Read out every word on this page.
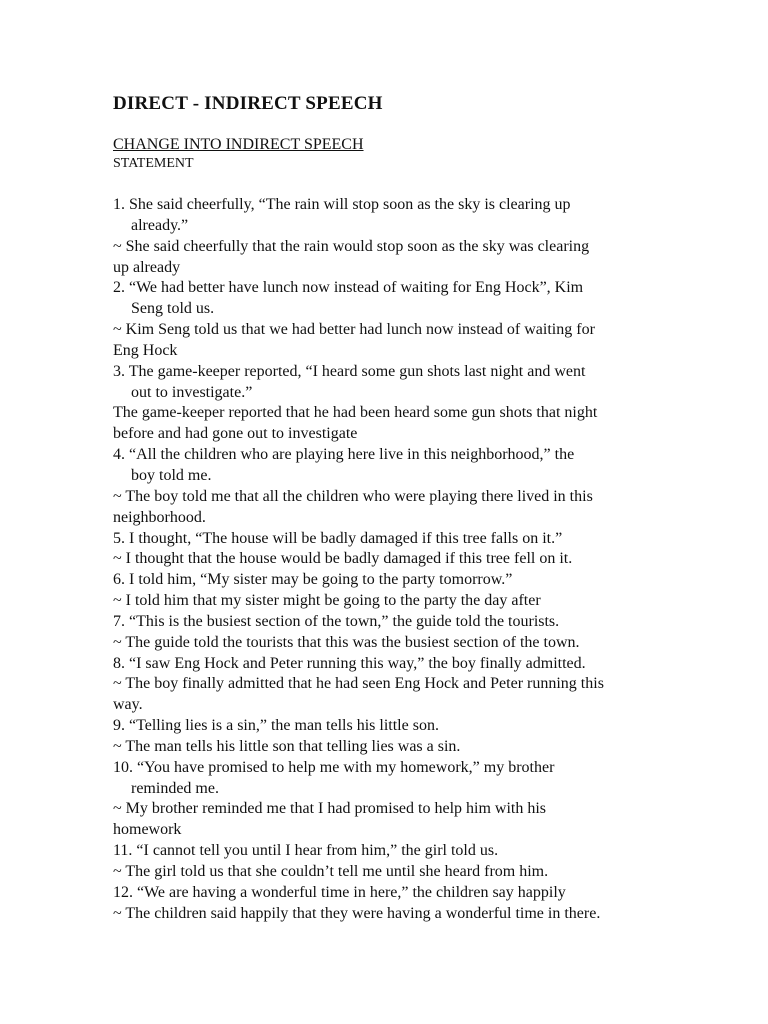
DIRECT - INDIRECT SPEECH
CHANGE INTO INDIRECT SPEECH
STATEMENT
1. She said cheerfully, “The rain will stop soon as the sky is clearing up
already.”
~ She said cheerfully that the rain would stop soon as the sky was clearing
up already
2. “We had better have lunch now instead of waiting for Eng Hock”, Kim
Seng told us.
~ Kim Seng told us that we had better had lunch now instead of waiting for
Eng Hock
3. The game-keeper reported, “I heard some gun shots last night and went
out to investigate.”
The game-keeper reported that he had been heard some gun shots that night
before and had gone out to investigate
4. “All the children who are playing here live in this neighborhood,” the
boy told me.
~ The boy told me that all the children who were playing there lived in this
neighborhood.
5. I thought, “The house will be badly damaged if this tree falls on it.”
~ I thought that the house would be badly damaged if this tree fell on it.
6. I told him, “My sister may be going to the party tomorrow.”
~ I told him that my sister might be going to the party the day after
7. “This is the busiest section of the town,” the guide told the tourists.
~ The guide told the tourists that this was the busiest section of the town.
8. “I saw Eng Hock and Peter running this way,” the boy finally admitted.
~ The boy finally admitted that he had seen Eng Hock and Peter running this
way.
9. “Telling lies is a sin,” the man tells his little son.
~ The man tells his little son that telling lies was a sin.
10. “You have promised to help me with my homework,” my brother
reminded me.
~ My brother reminded me that I had promised to help him with his
homework
11. “I cannot tell you until I hear from him,” the girl told us.
~ The girl told us that she couldn’t tell me until she heard from him.
12. “We are having a wonderful time in here,” the children say happily
~ The children said happily that they were having a wonderful time in there.
